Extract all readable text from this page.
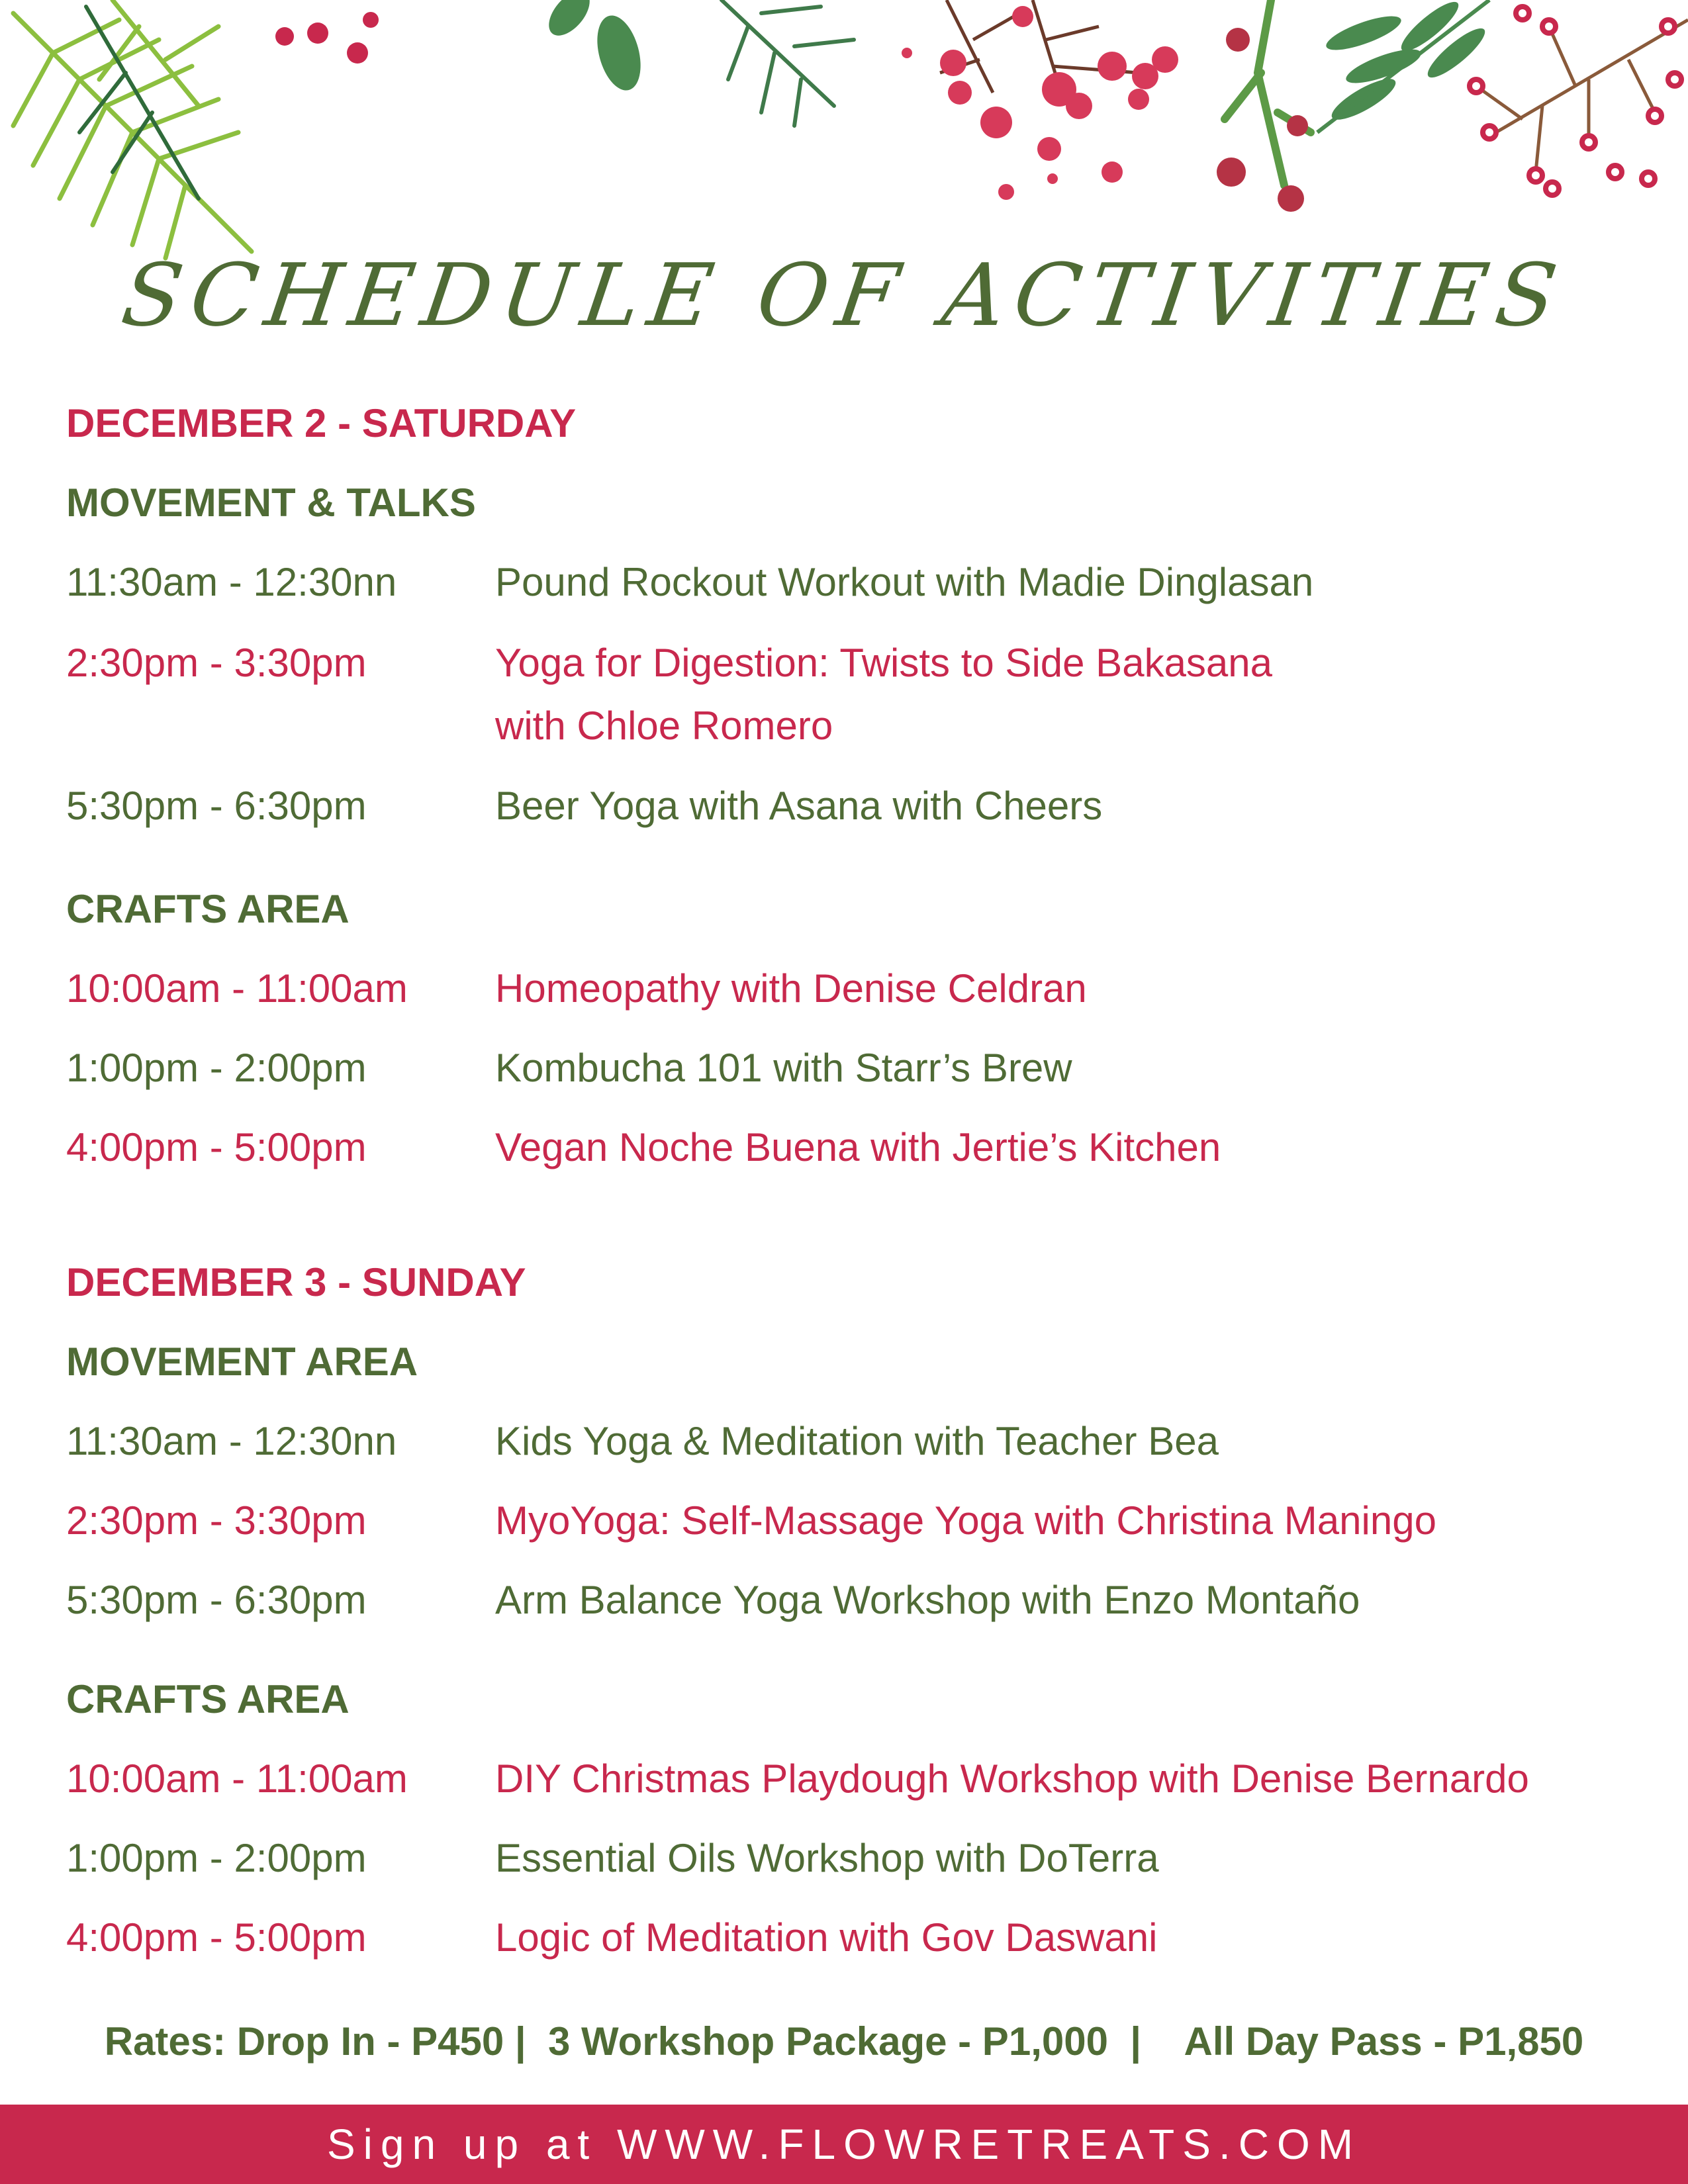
SCHEDULE OF ACTIVITIES
DECEMBER 2 - SATURDAY
MOVEMENT & TALKS
11:30am - 12:30nn Pound Rockout Workout with Madie Dinglasan
2:30pm - 3:30pm	Yoga for Digestion: Twists to Side Bakasana
with Chloe Romero
5:30pm - 6:30pm	Beer Yoga with Asana with Cheers
CRAFTS AREA
10:00am - 11:00am Homeopathy with Denise Celdran
1:00pm - 2:00pm	Kombucha 101 with Starr’s Brew
4:00pm - 5:00pm	Vegan Noche Buena with Jertie’s Kitchen
DECEMBER 3 - SUNDAY
MOVEMENT AREA
11:30am - 12:30nn Kids Yoga & Meditation with Teacher Bea
2:30pm - 3:30pm	MyoYoga: Self-Massage Yoga with Christina Maningo
5:30pm - 6:30pm	Arm Balance Yoga Workshop with Enzo Montaño
CRAFTS AREA
10:00am - 11:00am DIY Christmas Playdough Workshop with Denise Bernardo
1:00pm - 2:00pm	Essential Oils Workshop with DoTerra
4:00pm - 5:00pm	Logic of Meditation with Gov Daswani
Rates: Drop In - P450 |  3 Workshop Package - P1,000  |    All Day Pass - P1,850
Sign up at WWW.FLOWRETREATS.COM
